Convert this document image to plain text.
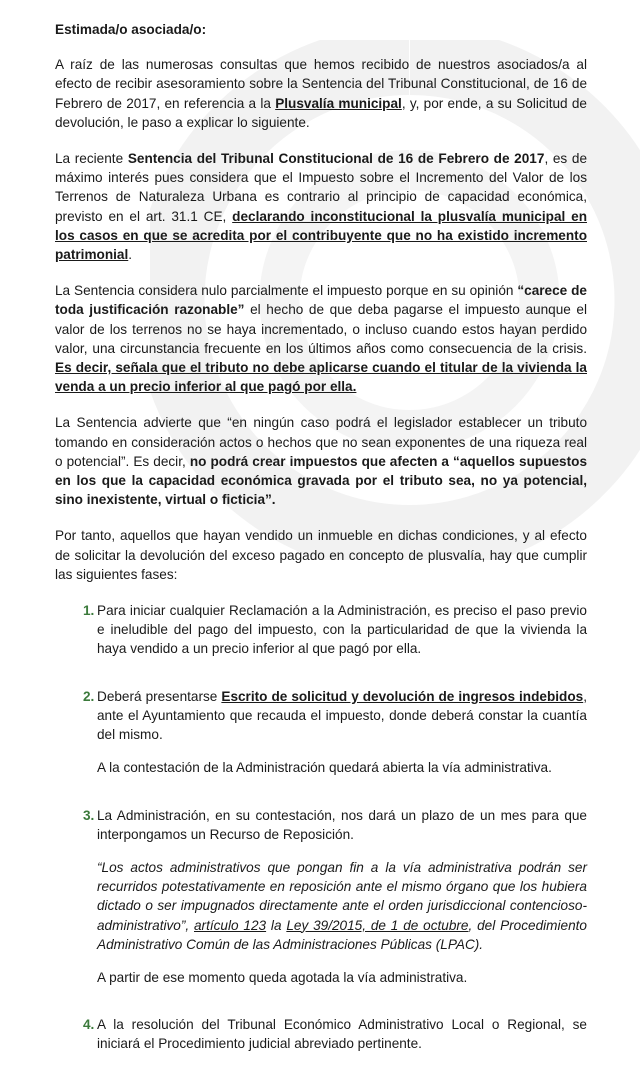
Estimada/o asociada/o:

A raíz de las numerosas consultas que hemos recibido de nuestros asociados/a al efecto de recibir asesoramiento sobre la Sentencia del Tribunal Constitucional, de 16 de Febrero de 2017, en referencia a la Plusvalía municipal, y, por ende, a su Solicitud de devolución, le paso a explicar lo siguiente.

La reciente Sentencia del Tribunal Constitucional de 16 de Febrero de 2017, es de máximo interés pues considera que el Impuesto sobre el Incremento del Valor de los Terrenos de Naturaleza Urbana es contrario al principio de capacidad económica, previsto en el art. 31.1 CE, declarando inconstitucional la plusvalía municipal en los casos en que se acredita por el contribuyente que no ha existido incremento patrimonial.

La Sentencia considera nulo parcialmente el impuesto porque en su opinión “carece de toda justificación razonable” el hecho de que deba pagarse el impuesto aunque el valor de los terrenos no se haya incrementado, o incluso cuando estos hayan perdido valor, una circunstancia frecuente en los últimos años como consecuencia de la crisis. Es decir, señala que el tributo no debe aplicarse cuando el titular de la vivienda la venda a un precio inferior al que pagó por ella.

La Sentencia advierte que “en ningún caso podrá el legislador establecer un tributo tomando en consideración actos o hechos que no sean exponentes de una riqueza real o potencial”. Es decir, no podrá crear impuestos que afecten a “aquellos supuestos en los que la capacidad económica gravada por el tributo sea, no ya potencial, sino inexistente, virtual o ficticia”.

Por tanto, aquellos que hayan vendido un inmueble en dichas condiciones, y al efecto de solicitar la devolución del exceso pagado en concepto de plusvalía, hay que cumplir las siguientes fases:

1. Para iniciar cualquier Reclamación a la Administración, es preciso el paso previo e ineludible del pago del impuesto, con la particularidad de que la vivienda la haya vendido a un precio inferior al que pagó por ella.

2. Deberá presentarse Escrito de solicitud y devolución de ingresos indebidos, ante el Ayuntamiento que recauda el impuesto, donde deberá constar la cuantía del mismo.

A la contestación de la Administración quedará abierta la vía administrativa.

3. La Administración, en su contestación, nos dará un plazo de un mes para que interpongamos un Recurso de Reposición.

“Los actos administrativos que pongan fin a la vía administrativa podrán ser recurridos potestativamente en reposición ante el mismo órgano que los hubiera dictado o ser impugnados directamente ante el orden jurisdiccional contencioso-administrativo”, artículo 123 la Ley 39/2015, de 1 de octubre, del Procedimiento Administrativo Común de las Administraciones Públicas (LPAC).

A partir de ese momento queda agotada la vía administrativa.

4. A la resolución del Tribunal Económico Administrativo Local o Regional, se iniciará el Procedimiento judicial abreviado pertinente.
